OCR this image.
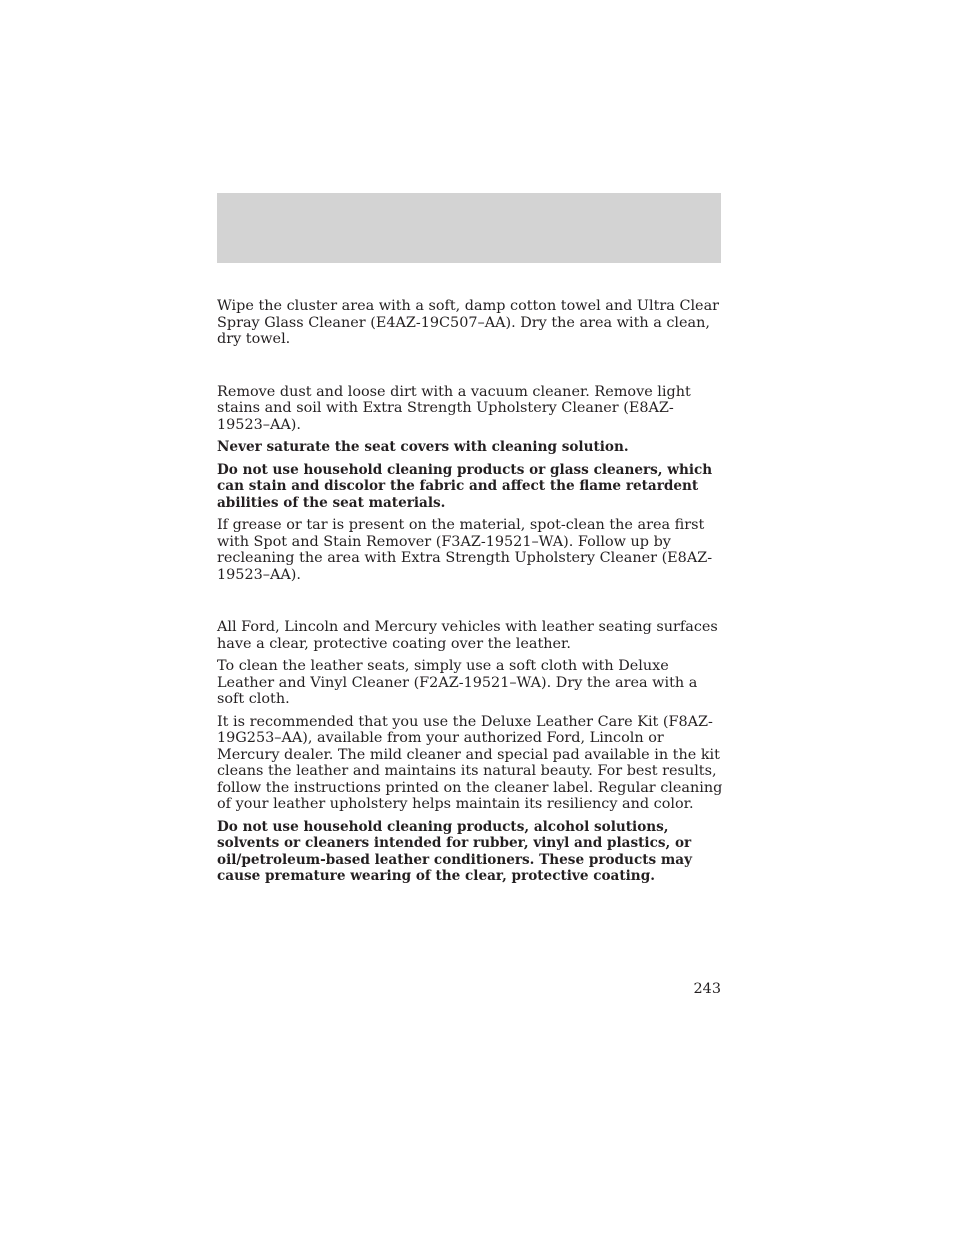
Wipe the cluster area with a soft, damp cotton towel and Ultra Clear Spray Glass Cleaner (E4AZ-19C507–AA). Dry the area with a clean, dry towel.

Remove dust and loose dirt with a vacuum cleaner. Remove light stains and soil with Extra Strength Upholstery Cleaner (E8AZ-19523–AA).

Never saturate the seat covers with cleaning solution.

Do not use household cleaning products or glass cleaners, which can stain and discolor the fabric and affect the flame retardent abilities of the seat materials.

If grease or tar is present on the material, spot-clean the area first with Spot and Stain Remover (F3AZ-19521–WA). Follow up by recleaning the area with Extra Strength Upholstery Cleaner (E8AZ-19523–AA).

All Ford, Lincoln and Mercury vehicles with leather seating surfaces have a clear, protective coating over the leather.

To clean the leather seats, simply use a soft cloth with Deluxe Leather and Vinyl Cleaner (F2AZ-19521–WA). Dry the area with a soft cloth.

It is recommended that you use the Deluxe Leather Care Kit (F8AZ-19G253–AA), available from your authorized Ford, Lincoln or Mercury dealer. The mild cleaner and special pad available in the kit cleans the leather and maintains its natural beauty. For best results, follow the instructions printed on the cleaner label. Regular cleaning of your leather upholstery helps maintain its resiliency and color.

Do not use household cleaning products, alcohol solutions, solvents or cleaners intended for rubber, vinyl and plastics, or oil/petroleum-based leather conditioners. These products may cause premature wearing of the clear, protective coating.

243
